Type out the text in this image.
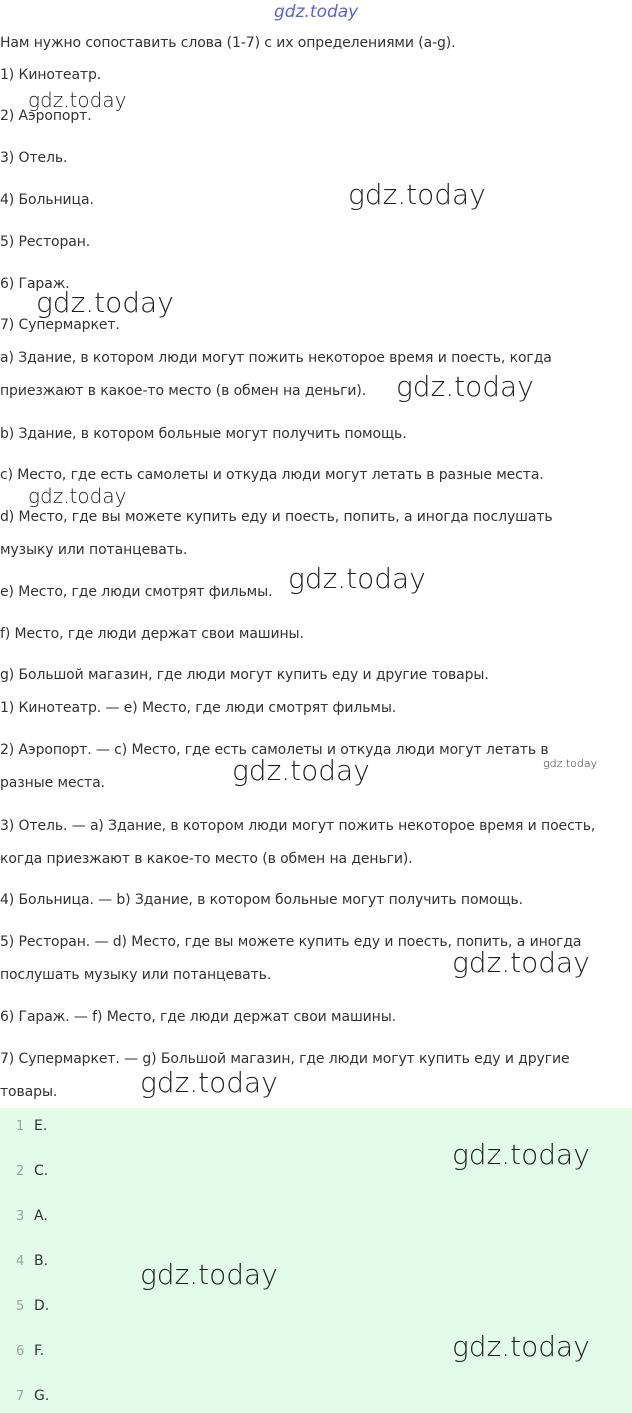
gdz.today
Нам нужно сопоставить слова (1-7) с их определениями (a-g).
1) Кинотеатр.
2) Аэропорт.
3) Отель.
4) Больница.
5) Ресторан.
6) Гараж.
7) Супермаркет.
a) Здание, в котором люди могут пожить некоторое время и поесть, когда
приезжают в какое-то место (в обмен на деньги).
b) Здание, в котором больные могут получить помощь.
c) Место, где есть самолеты и откуда люди могут летать в разные места.
d) Место, где вы можете купить еду и поесть, попить, а иногда послушать
музыку или потанцевать.
e) Место, где люди смотрят фильмы.
f) Место, где люди держат свои машины.
g) Большой магазин, где люди могут купить еду и другие товары.
1) Кинотеатр. — e) Место, где люди смотрят фильмы.
2) Аэропорт. — c) Место, где есть самолеты и откуда люди могут летать в
разные места.
3) Отель. — a) Здание, в котором люди могут пожить некоторое время и поесть,
когда приезжают в какое-то место (в обмен на деньги).
4) Больница. — b) Здание, в котором больные могут получить помощь.
5) Ресторан. — d) Место, где вы можете купить еду и поесть, попить, а иногда
послушать музыку или потанцевать.
6) Гараж. — f) Место, где люди держат свои машины.
7) Супермаркет. — g) Большой магазин, где люди могут купить еду и другие
товары.
1 E.
2 C.
3 A.
4 B.
5 D.
6 F.
7 G.
gdz.today
gdz.today
gdz.today
gdz.today
gdz.today
gdz.today
gdz.today	gdz.today
gdz.today
gdz.today
gdz.today
gdz.today
gdz.today
